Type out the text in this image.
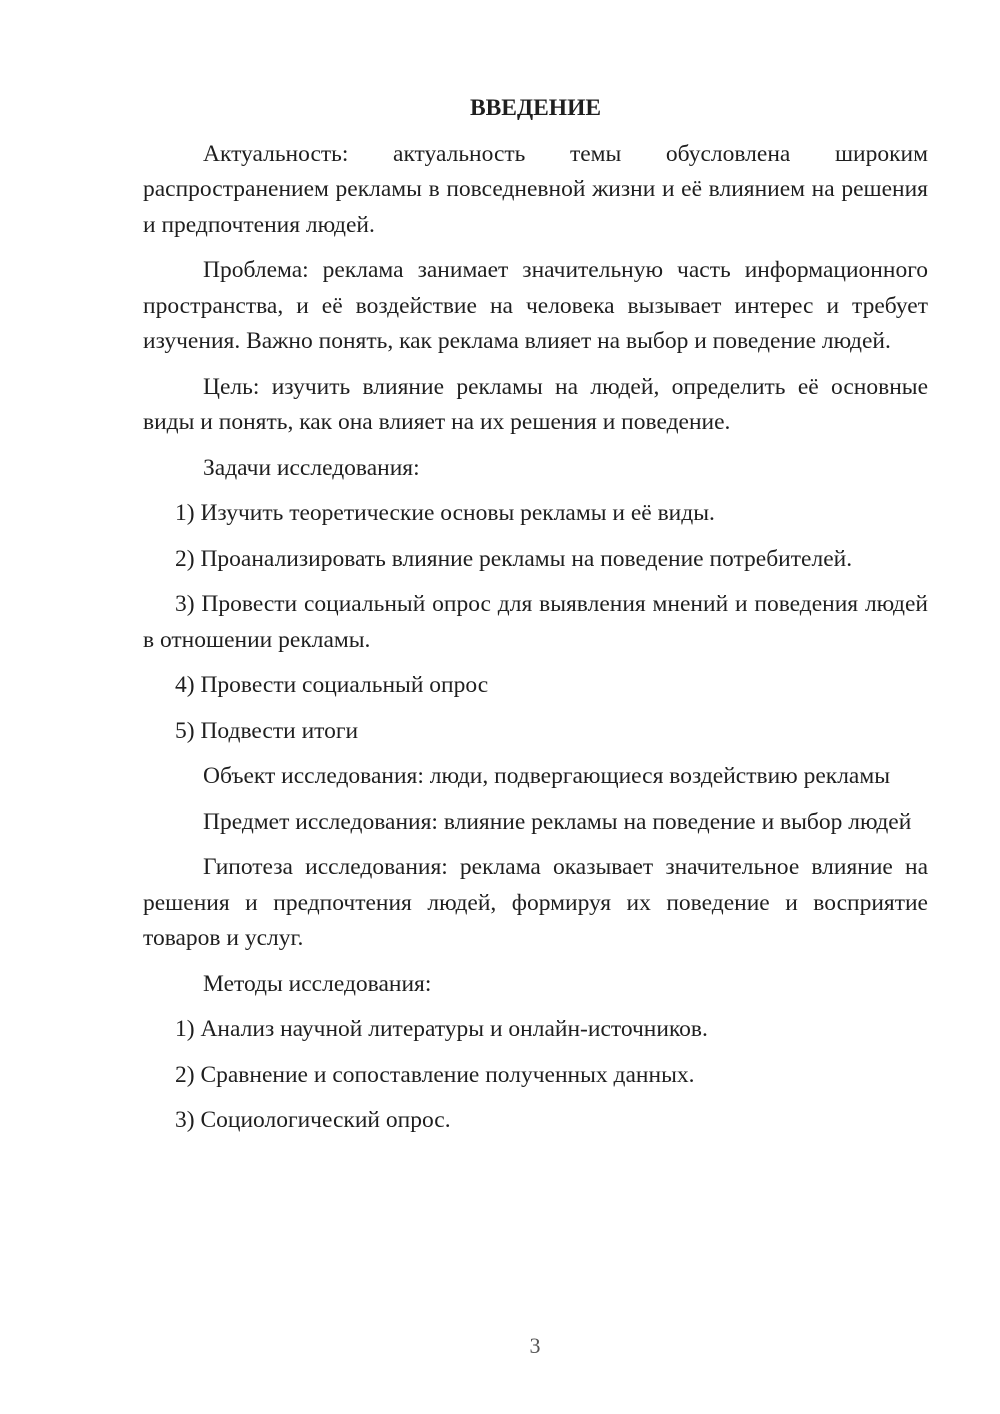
ВВЕДЕНИЕ
Актуальность: актуальность темы обусловлена широким распространением рекламы в повседневной жизни и её влиянием на решения и предпочтения людей.
Проблема: реклама занимает значительную часть информационного пространства, и её воздействие на человека вызывает интерес и требует изучения. Важно понять, как реклама влияет на выбор и поведение людей.
Цель: изучить влияние рекламы на людей, определить её основные виды и понять, как она влияет на их решения и поведение.
Задачи исследования:
1) Изучить теоретические основы рекламы и её виды.
2) Проанализировать влияние рекламы на поведение потребителей.
3) Провести социальный опрос для выявления мнений и поведения людей в отношении рекламы.
4) Провести социальный опрос
5) Подвести итоги
Объект исследования: люди, подвергающиеся воздействию рекламы
Предмет исследования: влияние рекламы на поведение и выбор людей
Гипотеза исследования: реклама оказывает значительное влияние на решения и предпочтения людей, формируя их поведение и восприятие товаров и услуг.
Методы исследования:
1) Анализ научной литературы и онлайн-источников.
2) Сравнение и сопоставление полученных данных.
3) Социологический опрос.
3
